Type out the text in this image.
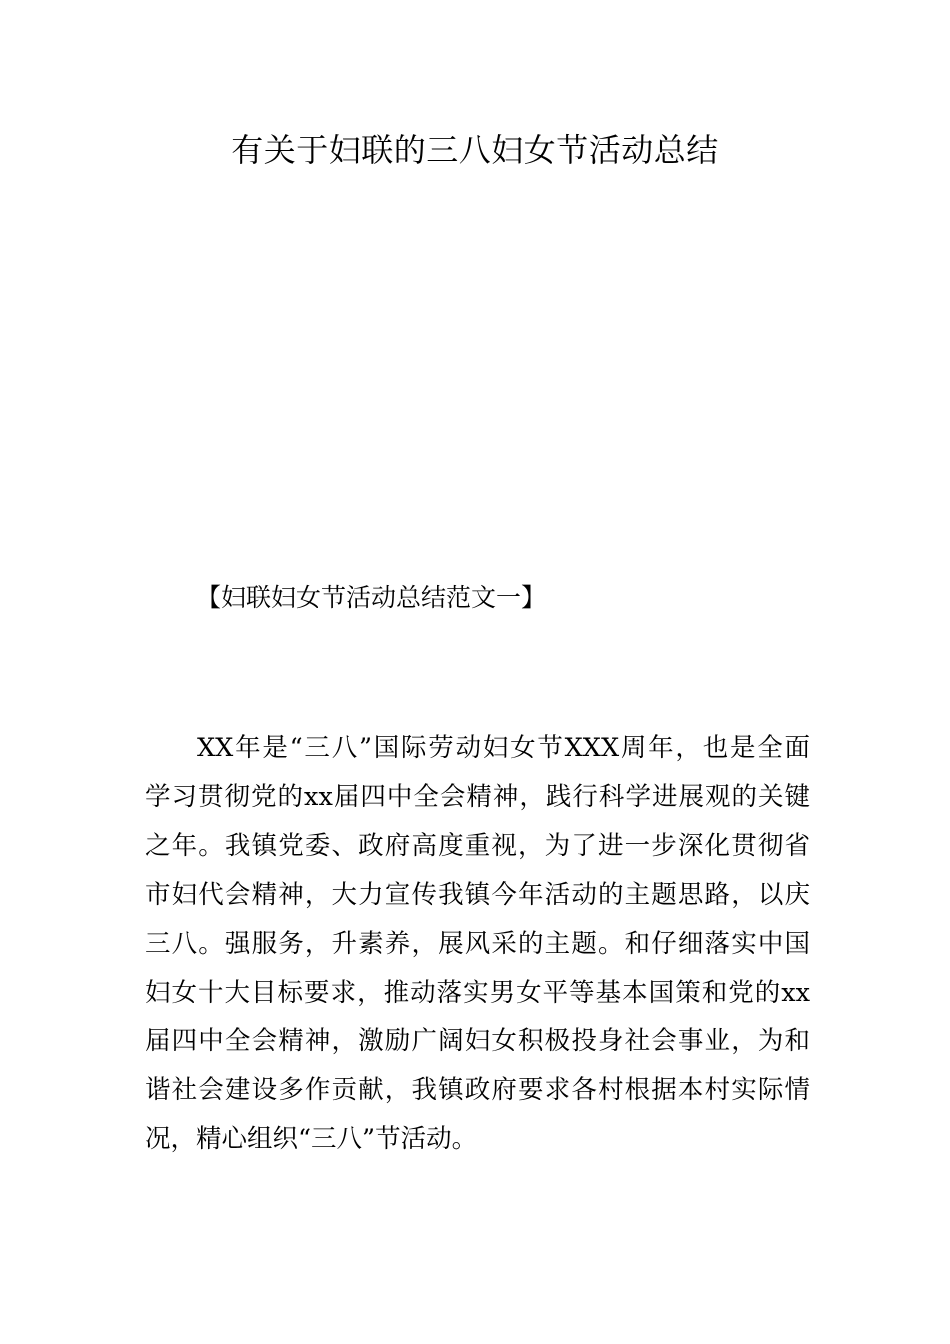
有关于妇联的三八妇女节活动总结

【妇联妇女节活动总结范文一】

XX年是“三八”国际劳动妇女节XXX周年，也是全面
学习贯彻党的xx届四中全会精神，践行科学进展观的关键
之年。我镇党委、政府高度重视，为了进一步深化贯彻省
市妇代会精神，大力宣传我镇今年活动的主题思路，以庆
三八。强服务，升素养，展风采的主题。和仔细落实中国
妇女十大目标要求，推动落实男女平等基本国策和党的xx
届四中全会精神，激励广阔妇女积极投身社会事业，为和
谐社会建设多作贡献，我镇政府要求各村根据本村实际情
况，精心组织“三八”节活动。
